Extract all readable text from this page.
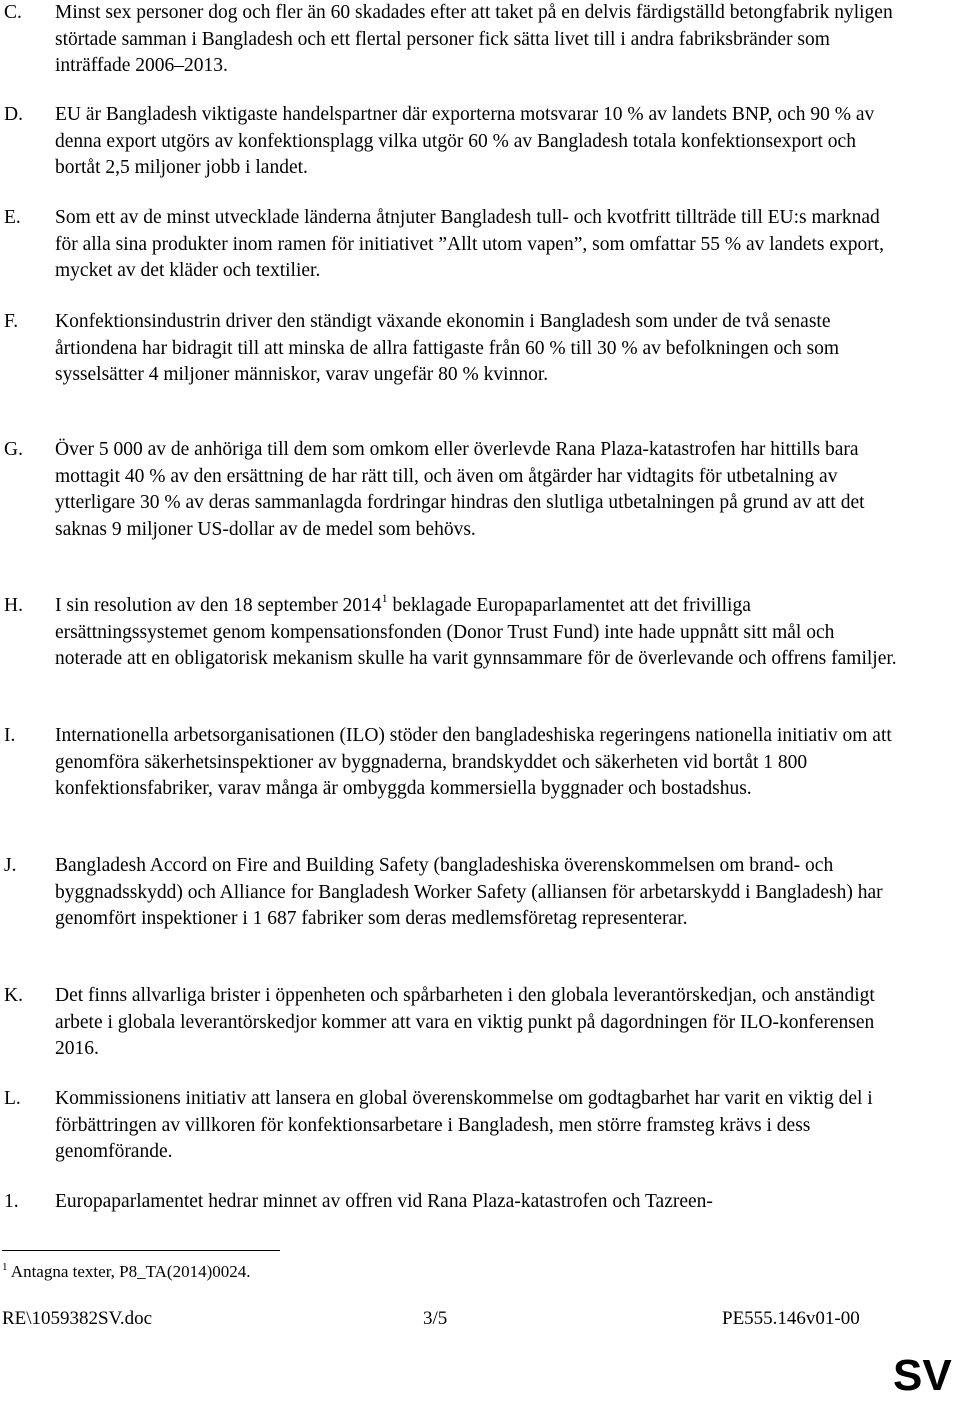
C.	Minst sex personer dog och fler än 60 skadades efter att taket på en delvis färdigställd betongfabrik nyligen störtade samman i Bangladesh och ett flertal personer fick sätta livet till i andra fabriksbränder som inträffade 2006–2013.
D.	EU är Bangladesh viktigaste handelspartner där exporterna motsvarar 10 % av landets BNP, och 90 % av denna export utgörs av konfektionsplagg vilka utgör 60 % av Bangladesh totala konfektionsexport och bortåt 2,5 miljoner jobb i landet.
E.	Som ett av de minst utvecklade länderna åtnjuter Bangladesh tull- och kvotfritt tillträde till EU:s marknad för alla sina produkter inom ramen för initiativet ”Allt utom vapen”, som omfattar 55 % av landets export, mycket av det kläder och textilier.
F.	Konfektionsindustrin driver den ständigt växande ekonomin i Bangladesh som under de två senaste årtiondena har bidragit till att minska de allra fattigaste från 60 % till 30 % av befolkningen och som sysselsätter 4 miljoner människor, varav ungefär 80 % kvinnor.
G.	Över 5 000 av de anhöriga till dem som omkom eller överlevde Rana Plaza-katastrofen har hittills bara mottagit 40 % av den ersättning de har rätt till, och även om åtgärder har vidtagits för utbetalning av ytterligare 30 % av deras sammanlagda fordringar hindras den slutliga utbetalningen på grund av att det saknas 9 miljoner US-dollar av de medel som behövs.
H.	I sin resolution av den 18 september 2014$^1$ beklagade Europaparlamentet att det frivilliga ersättningssystemet genom kompensationsfonden (Donor Trust Fund) inte hade uppnått sitt mål och noterade att en obligatorisk mekanism skulle ha varit gynnsammare för de överlevande och offrens familjer.
I.	Internationella arbetsorganisationen (ILO) stöder den bangladeshiska regeringens nationella initiativ om att genomföra säkerhetsinspektioner av byggnaderna, brandskyddet och säkerheten vid bortåt 1 800 konfektionsfabriker, varav många är ombyggda kommersiella byggnader och bostadshus.
J.	Bangladesh Accord on Fire and Building Safety (bangladeshiska överenskommelsen om brand- och byggnadsskydd) och Alliance for Bangladesh Worker Safety (alliansen för arbetarskydd i Bangladesh) har genomfört inspektioner i 1 687 fabriker som deras medlemsföretag representerar.
K.	Det finns allvarliga brister i öppenheten och spårbarheten i den globala leverantörskedjan, och anständigt arbete i globala leverantörskedjor kommer att vara en viktig punkt på dagordningen för ILO-konferensen 2016.
L.	Kommissionens initiativ att lansera en global överenskommelse om godtagbarhet har varit en viktig del i förbättringen av villkoren för konfektionsarbetare i Bangladesh, men större framsteg krävs i dess genomförande.
1.	Europaparlamentet hedrar minnet av offren vid Rana Plaza-katastrofen och Tazreen-
$^1$ Antagna texter, P8_TA(2014)0024.
RE\1059382SV.doc	3/5	PE555.146v01-00
SV
